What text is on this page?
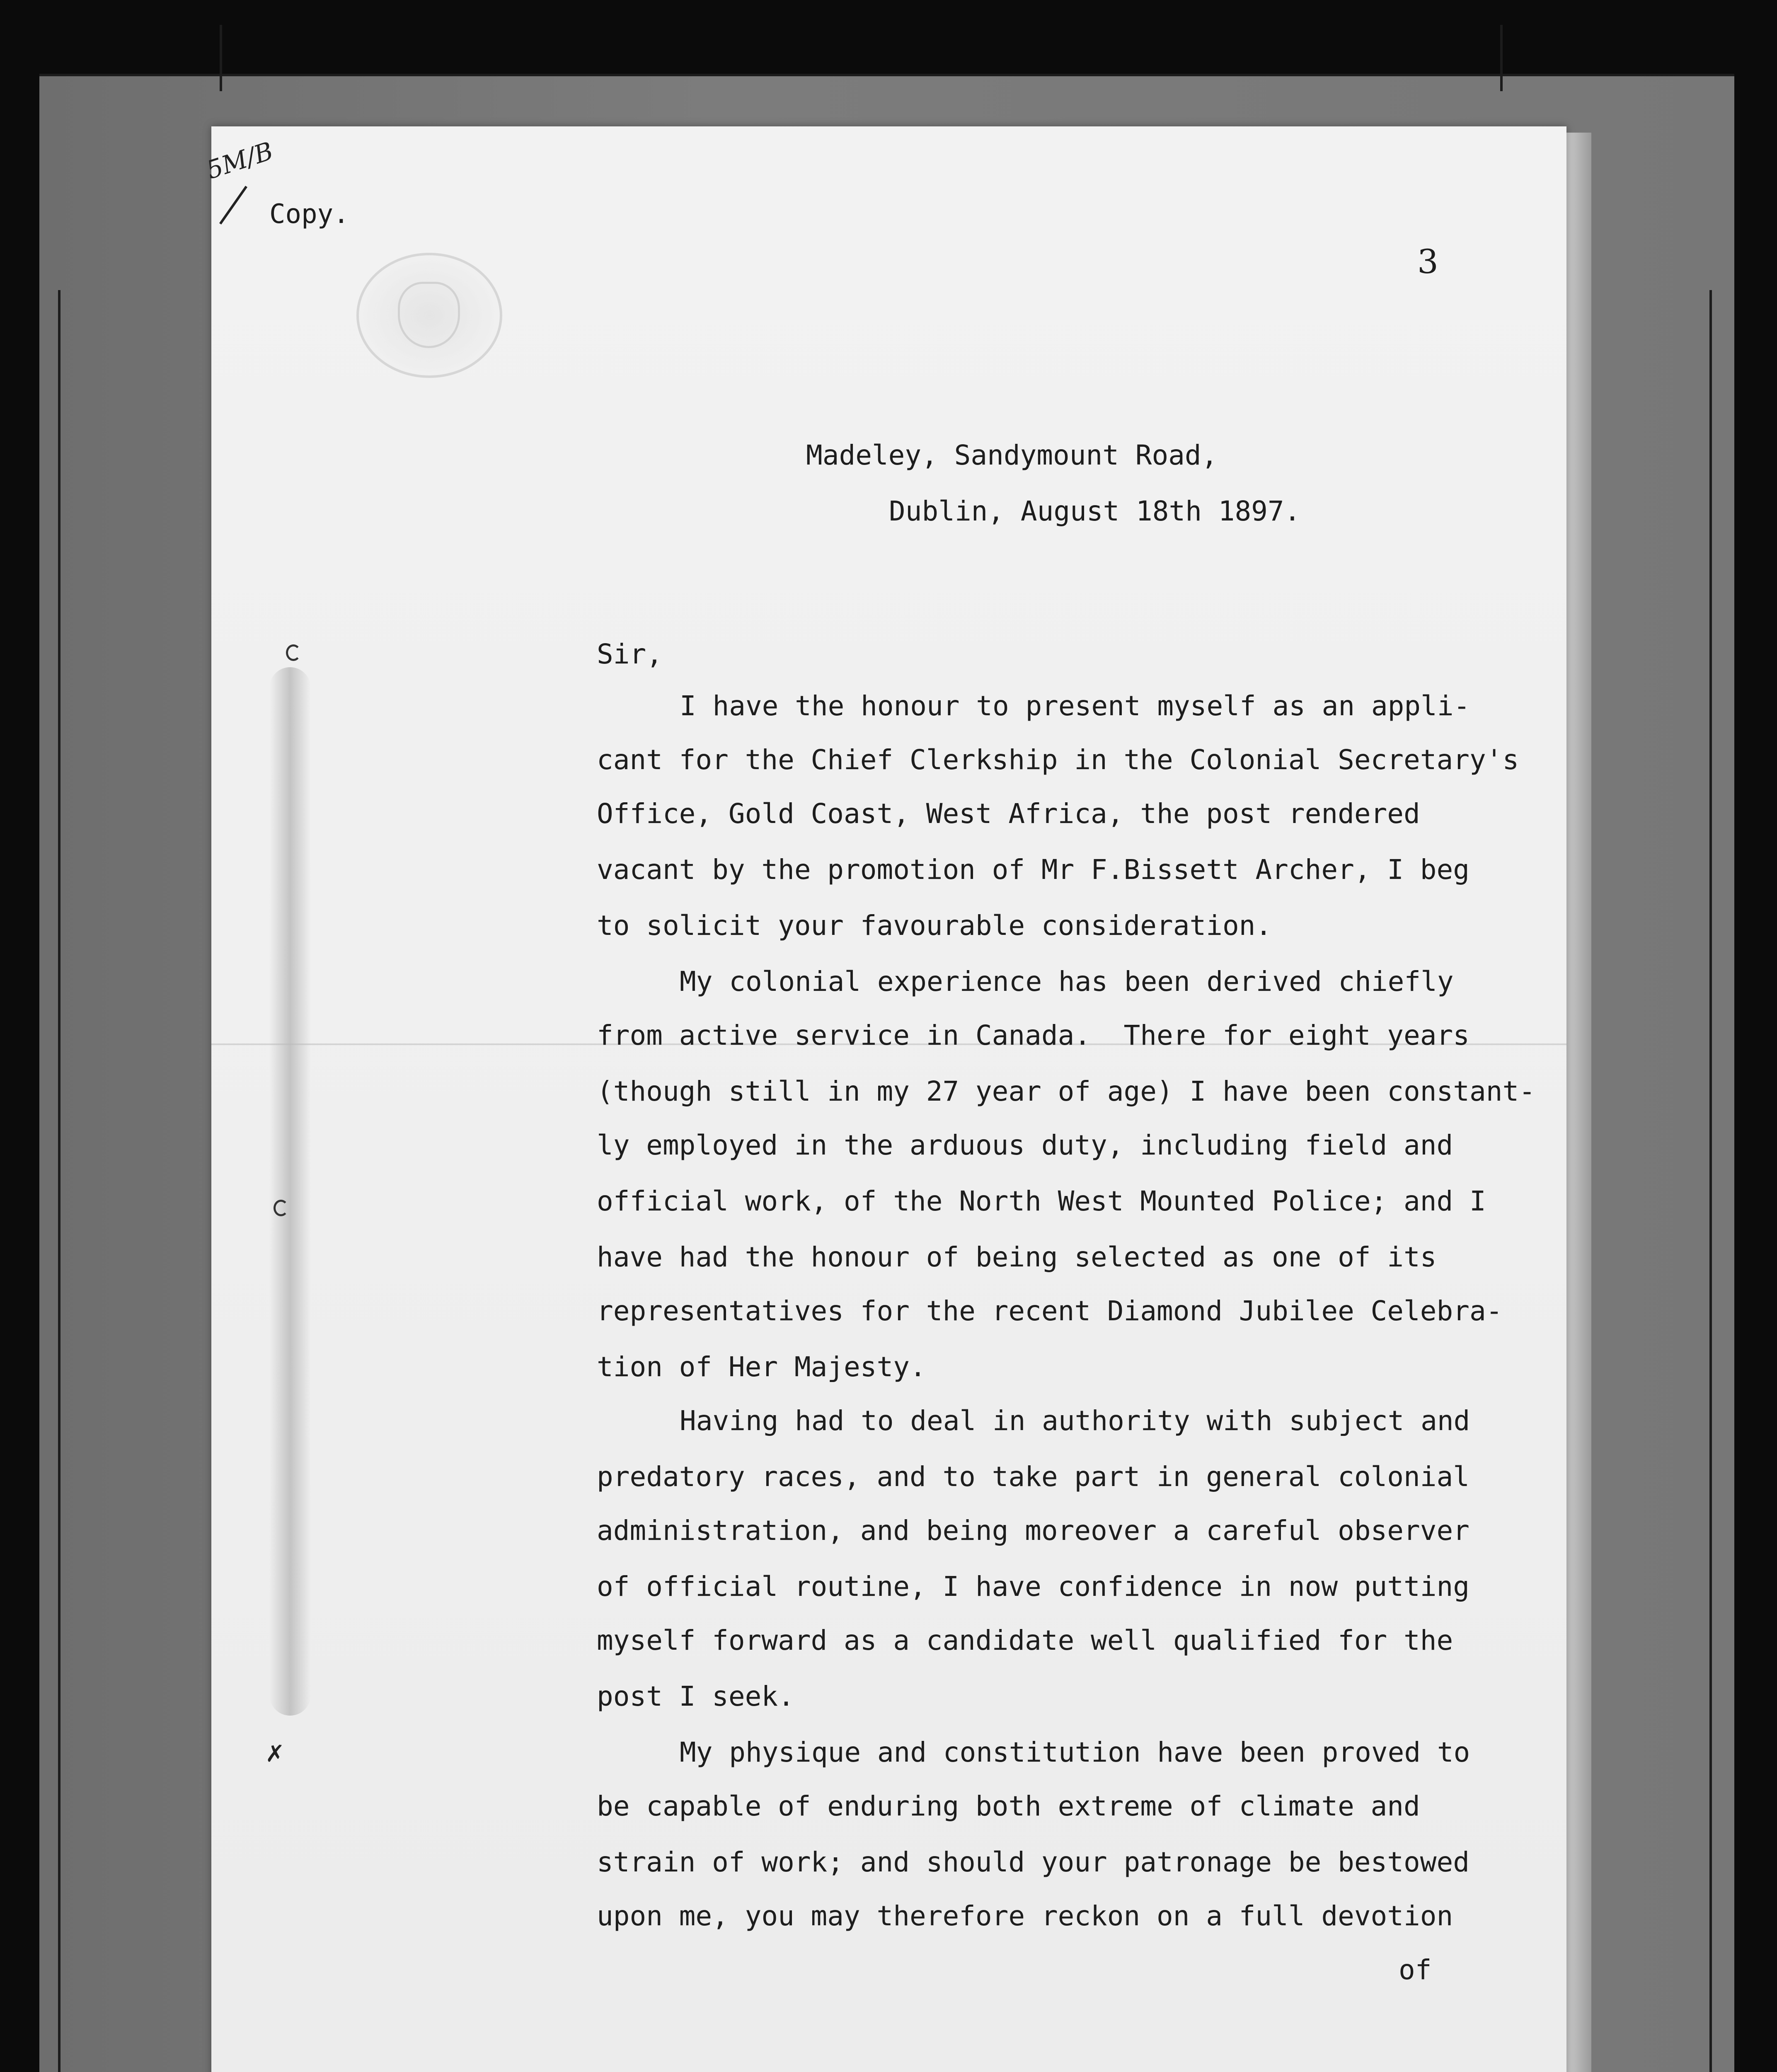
5M/B

Copy.

3

Madeley, Sandymount Road,

Dublin, August 18th 1897.

Sir,

I have the honour to present myself as an appli-

cant for the Chief Clerkship in the Colonial Secretary's

Office, Gold Coast, West Africa, the post rendered

vacant by the promotion of Mr F.Bissett Archer, I beg

to solicit your favourable consideration.

My colonial experience has been derived chiefly

from active service in Canada.  There for eight years

(though still in my 27 year of age) I have been constant-

ly employed in the arduous duty, including field and

official work, of the North West Mounted Police; and I

have had the honour of being selected as one of its

representatives for the recent Diamond Jubilee Celebra-

tion of Her Majesty.

Having had to deal in authority with subject and

predatory races, and to take part in general colonial

administration, and being moreover a careful observer

of official routine, I have confidence in now putting

myself forward as a candidate well qualified for the

post I seek.

My physique and constitution have been proved to

be capable of enduring both extreme of climate and

strain of work; and should your patronage be bestowed

upon me, you may therefore reckon on a full devotion

of

✗
